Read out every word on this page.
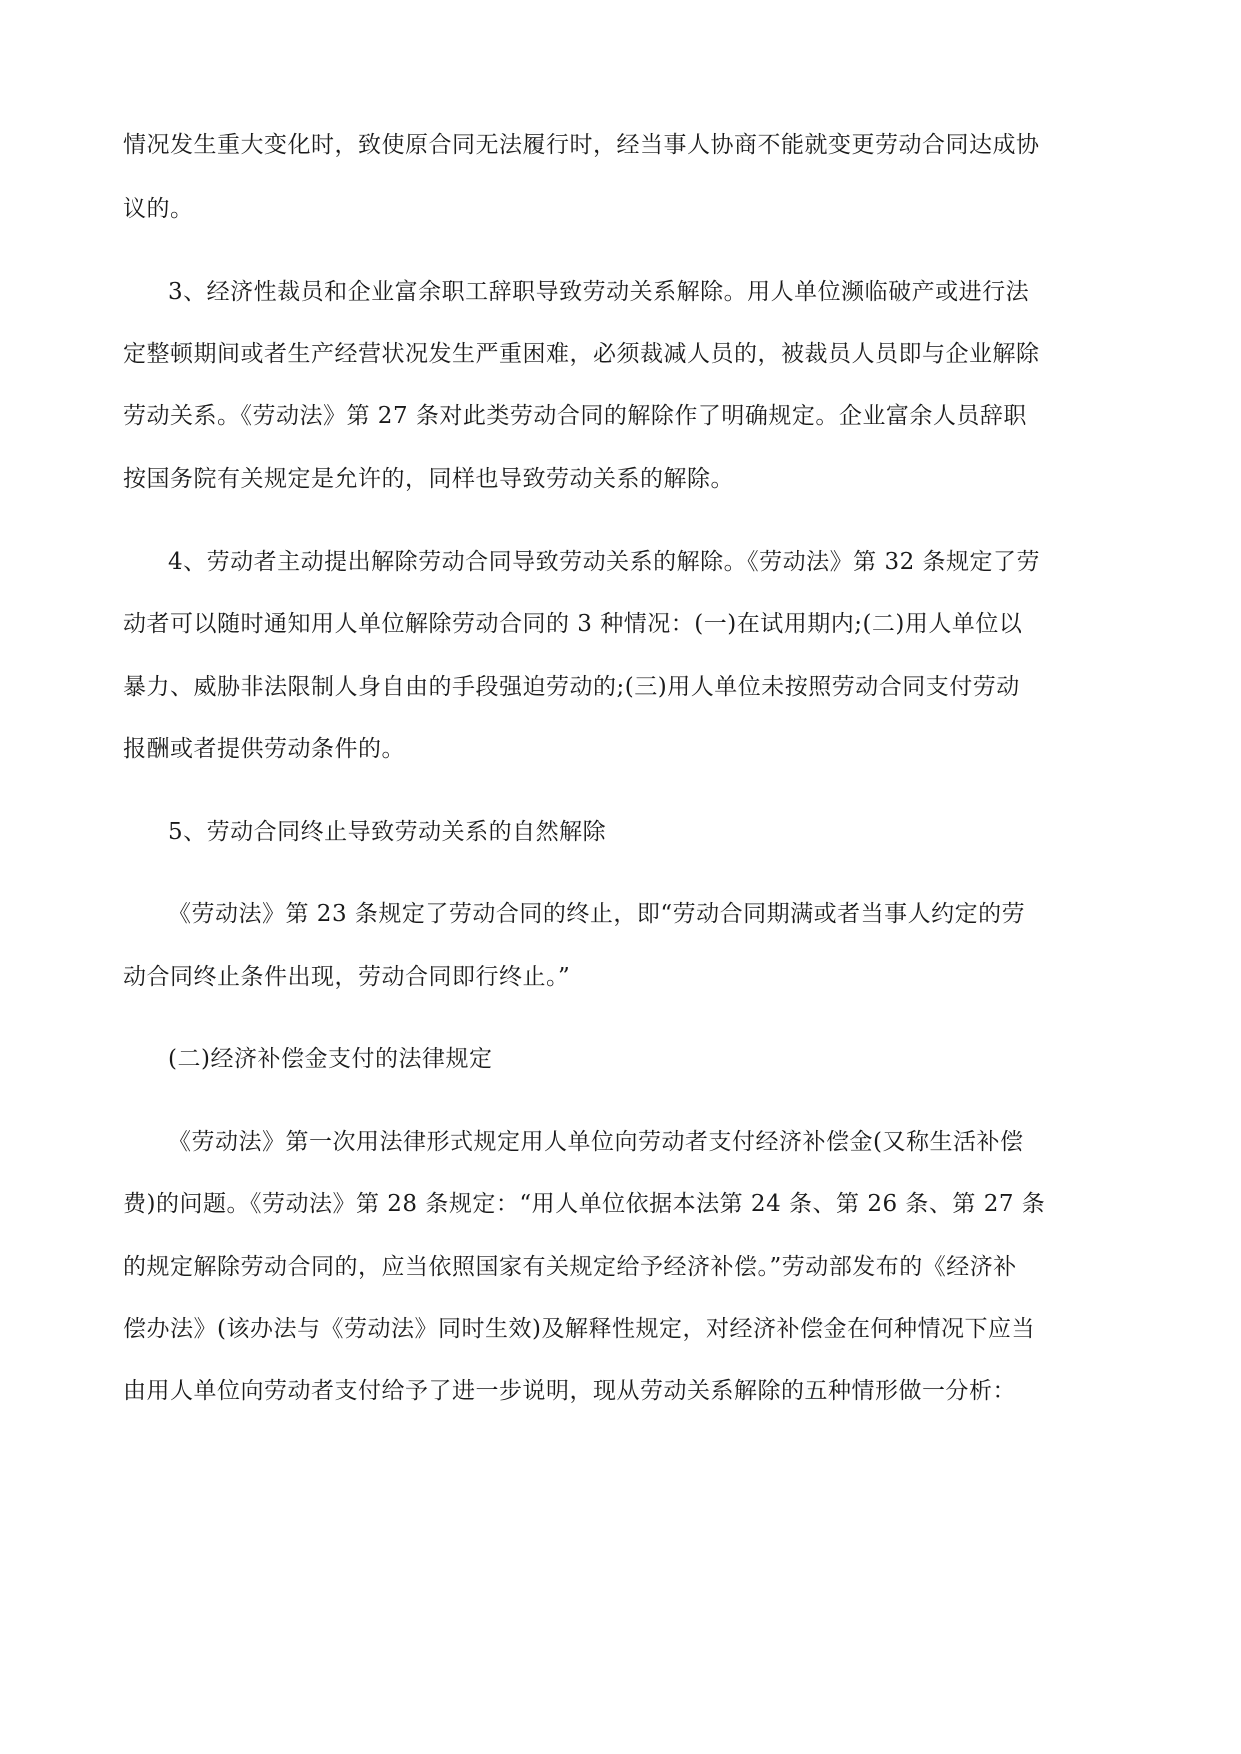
情况发生重大变化时，致使原合同无法履行时，经当事人协商不能就变更劳动合同达成协
议的。
3、经济性裁员和企业富余职工辞职导致劳动关系解除。用人单位濒临破产或进行法
定整顿期间或者生产经营状况发生严重困难，必须裁减人员的，被裁员人员即与企业解除
劳动关系。《劳动法》第 27 条对此类劳动合同的解除作了明确规定。企业富余人员辞职
按国务院有关规定是允许的，同样也导致劳动关系的解除。
4、劳动者主动提出解除劳动合同导致劳动关系的解除。《劳动法》第 32 条规定了劳
动者可以随时通知用人单位解除劳动合同的 3 种情况：(一)在试用期内;(二)用人单位以
暴力、威胁非法限制人身自由的手段强迫劳动的;(三)用人单位未按照劳动合同支付劳动
报酬或者提供劳动条件的。
5、劳动合同终止导致劳动关系的自然解除
《劳动法》第 23 条规定了劳动合同的终止，即“劳动合同期满或者当事人约定的劳
动合同终止条件出现，劳动合同即行终止。”
(二)经济补偿金支付的法律规定
《劳动法》第一次用法律形式规定用人单位向劳动者支付经济补偿金(又称生活补偿
费)的问题。《劳动法》第 28 条规定：“用人单位依据本法第 24 条、第 26 条、第 27 条
的规定解除劳动合同的，应当依照国家有关规定给予经济补偿。”劳动部发布的《经济补
偿办法》(该办法与《劳动法》同时生效)及解释性规定，对经济补偿金在何种情况下应当
由用人单位向劳动者支付给予了进一步说明，现从劳动关系解除的五种情形做一分析：
